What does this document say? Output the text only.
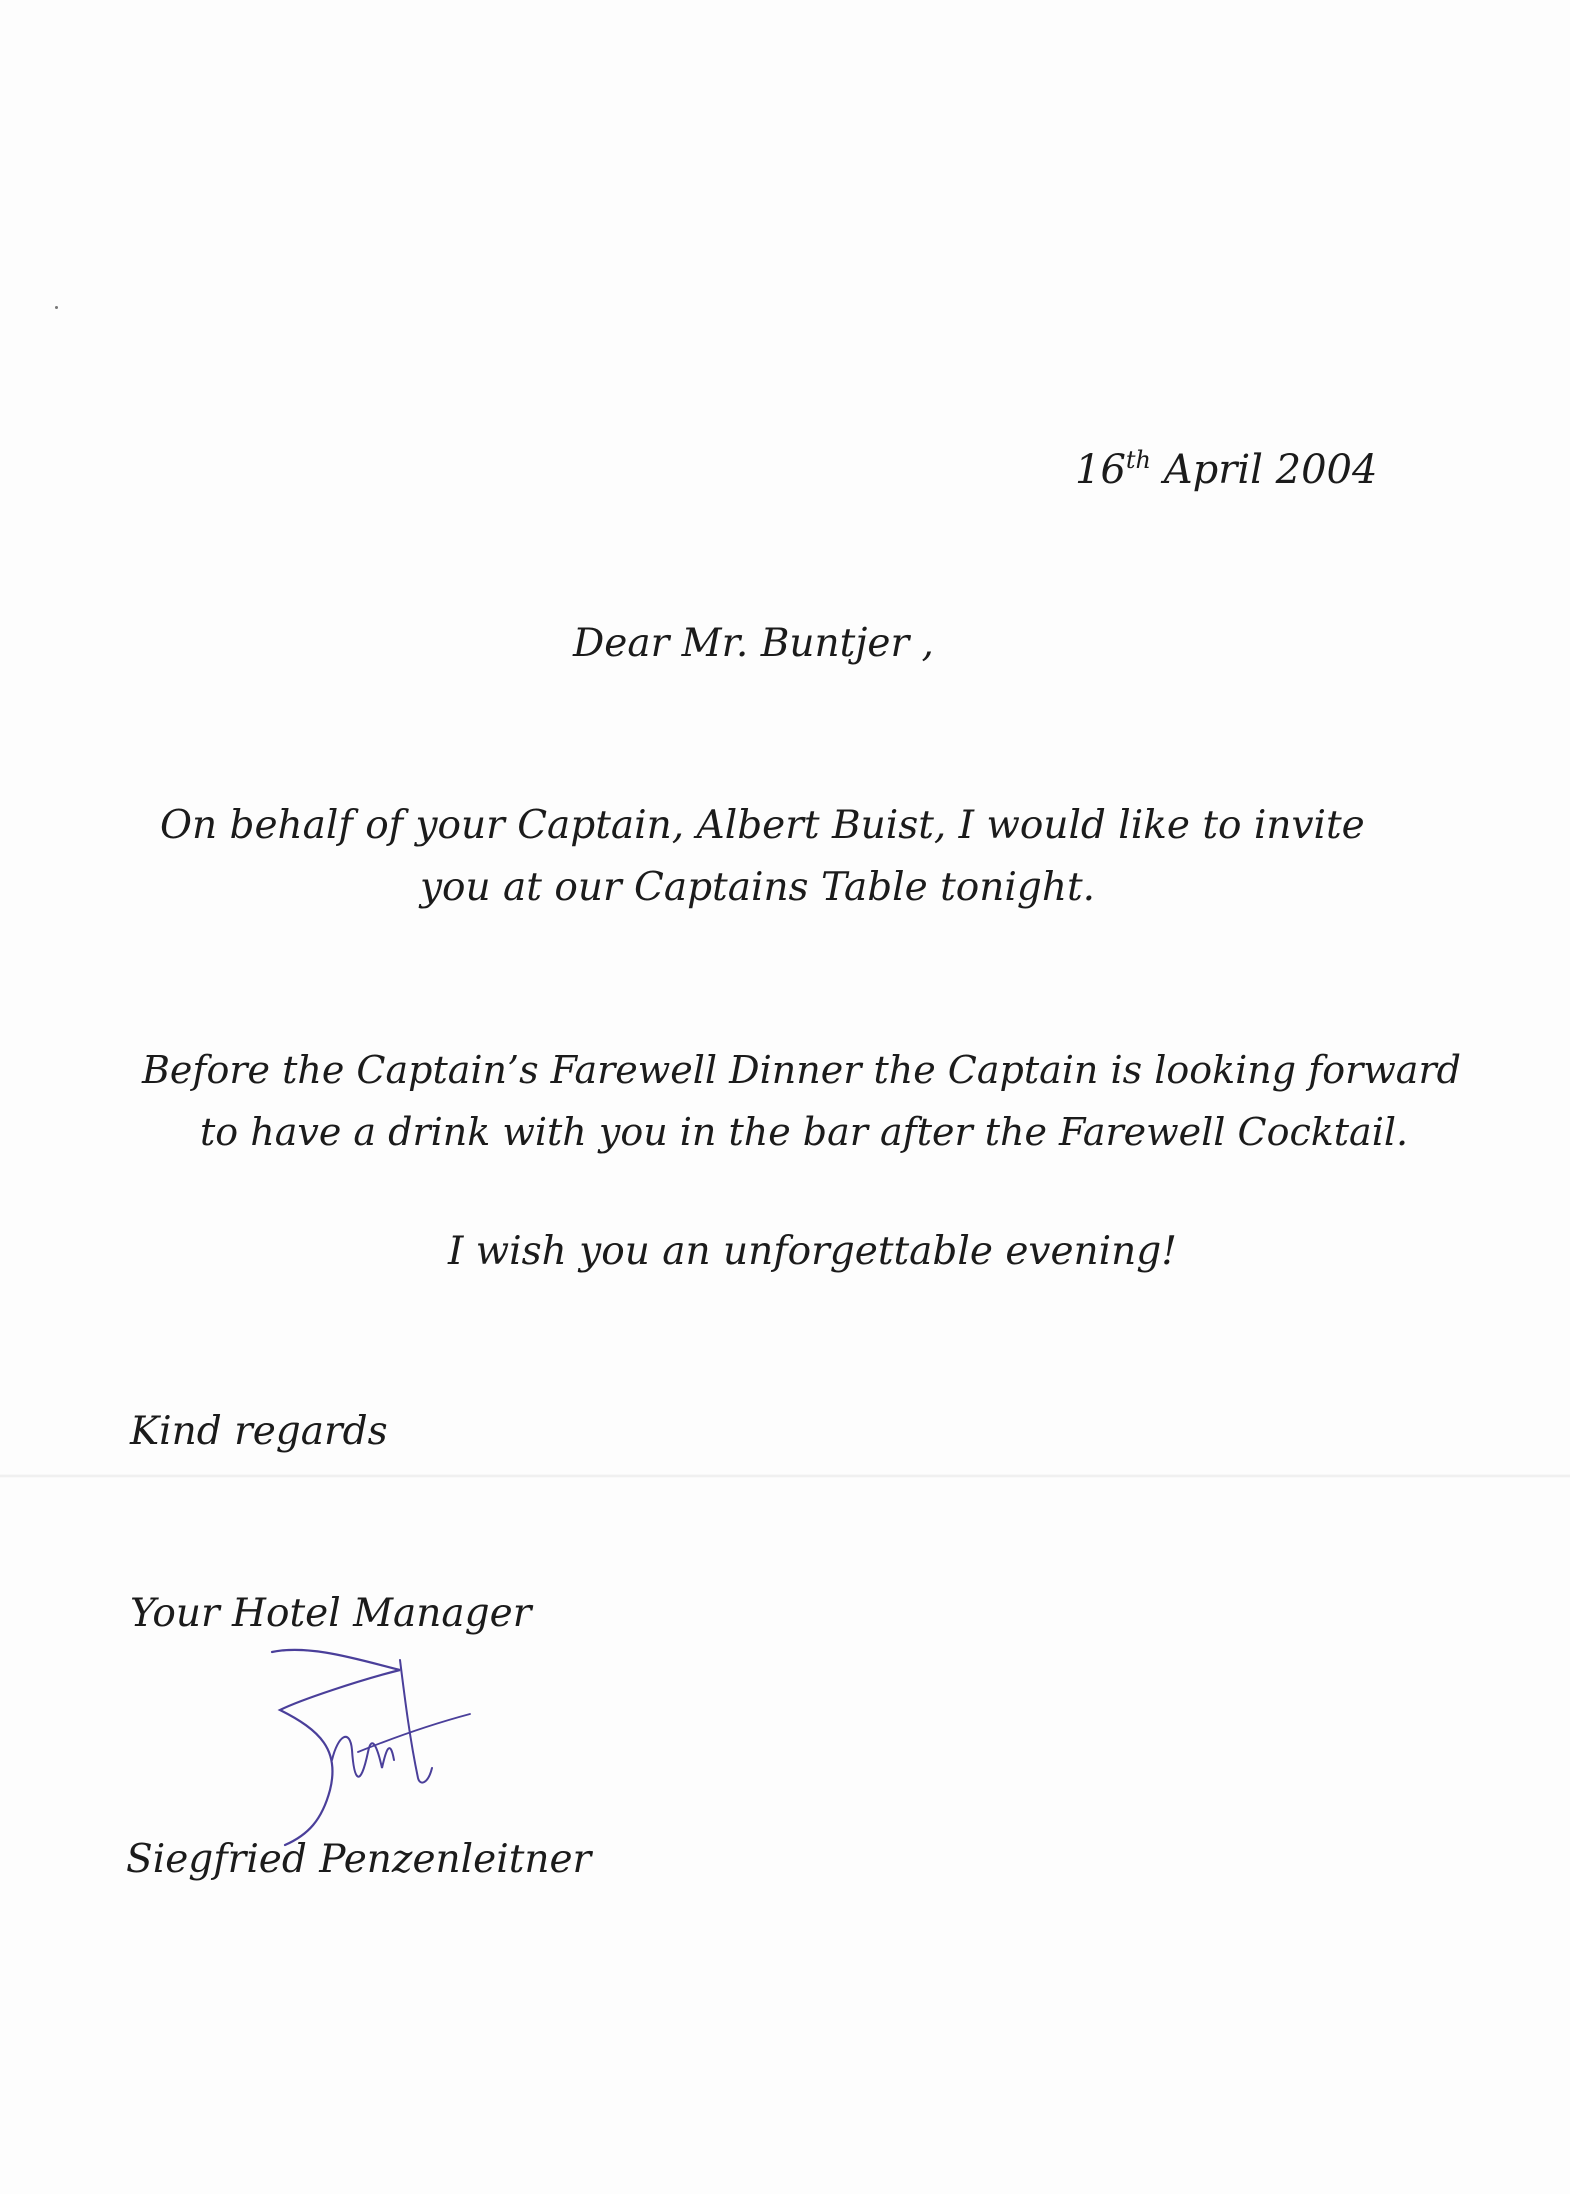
16th April 2004
Dear Mr. Buntjer ,
On behalf of your Captain, Albert Buist, I would like to invite
you at our Captains Table tonight.
Before the Captain’s Farewell Dinner the Captain is looking forward
to have a drink with you in the bar after the Farewell Cocktail.
I wish you an unforgettable evening!
Kind regards
Your Hotel Manager
Siegfried Penzenleitner
